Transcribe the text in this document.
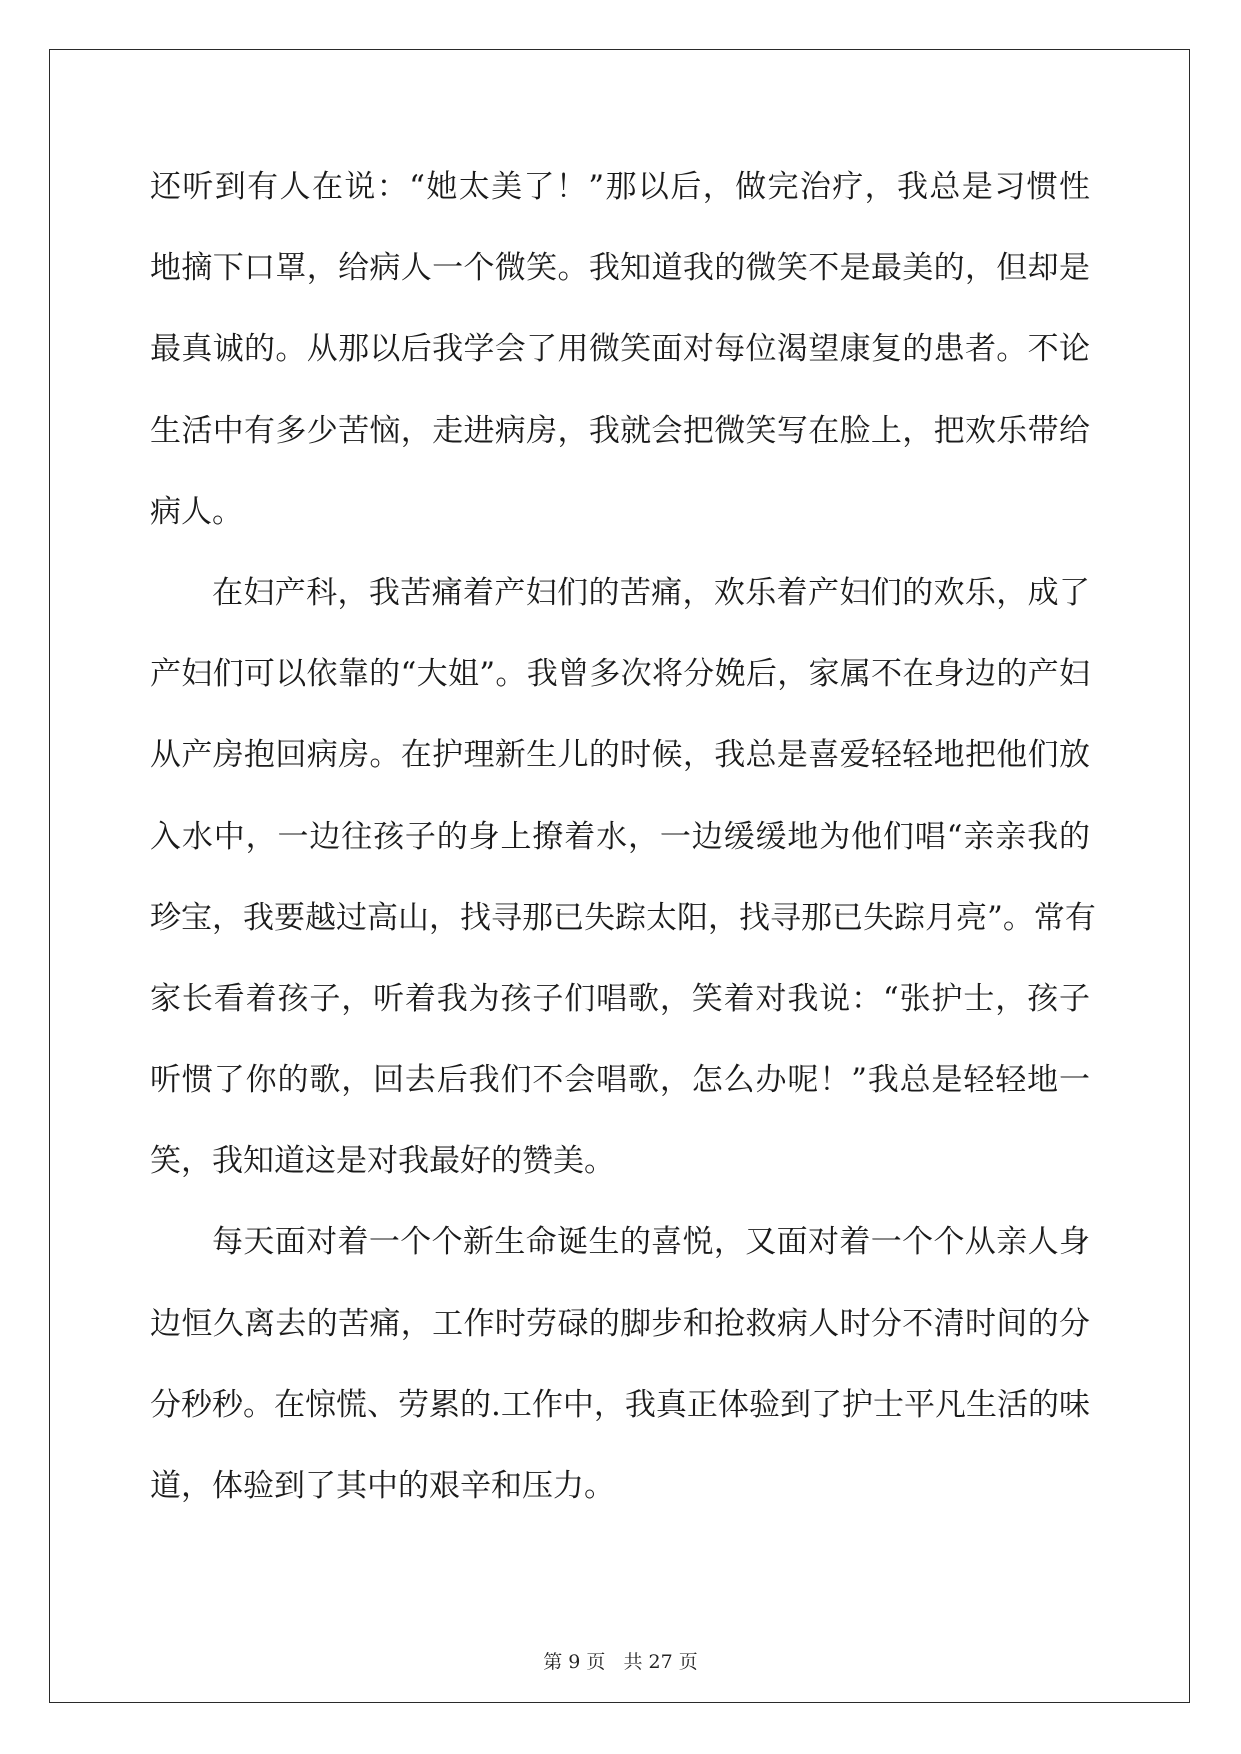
还听到有人在说：“她太美了！”那以后，做完治疗，我总是习惯性
地摘下口罩，给病人一个微笑。我知道我的微笑不是最美的，但却是
最真诚的。从那以后我学会了用微笑面对每位渴望康复的患者。不论
生活中有多少苦恼，走进病房，我就会把微笑写在脸上，把欢乐带给
病人。
在妇产科，我苦痛着产妇们的苦痛，欢乐着产妇们的欢乐，成了
产妇们可以依靠的“大姐”。我曾多次将分娩后，家属不在身边的产妇
从产房抱回病房。在护理新生儿的时候，我总是喜爱轻轻地把他们放
入水中，一边往孩子的身上撩着水，一边缓缓地为他们唱“亲亲我的
珍宝，我要越过高山，找寻那已失踪太阳，找寻那已失踪月亮”。常有
家长看着孩子，听着我为孩子们唱歌，笑着对我说：“张护士，孩子
听惯了你的歌，回去后我们不会唱歌，怎么办呢！”我总是轻轻地一
笑，我知道这是对我最好的赞美。
每天面对着一个个新生命诞生的喜悦，又面对着一个个从亲人身
边恒久离去的苦痛，工作时劳碌的脚步和抢救病人时分不清时间的分
分秒秒。在惊慌、劳累的.工作中，我真正体验到了护士平凡生活的味
道，体验到了其中的艰辛和压力。
第 9 页 共 27 页
